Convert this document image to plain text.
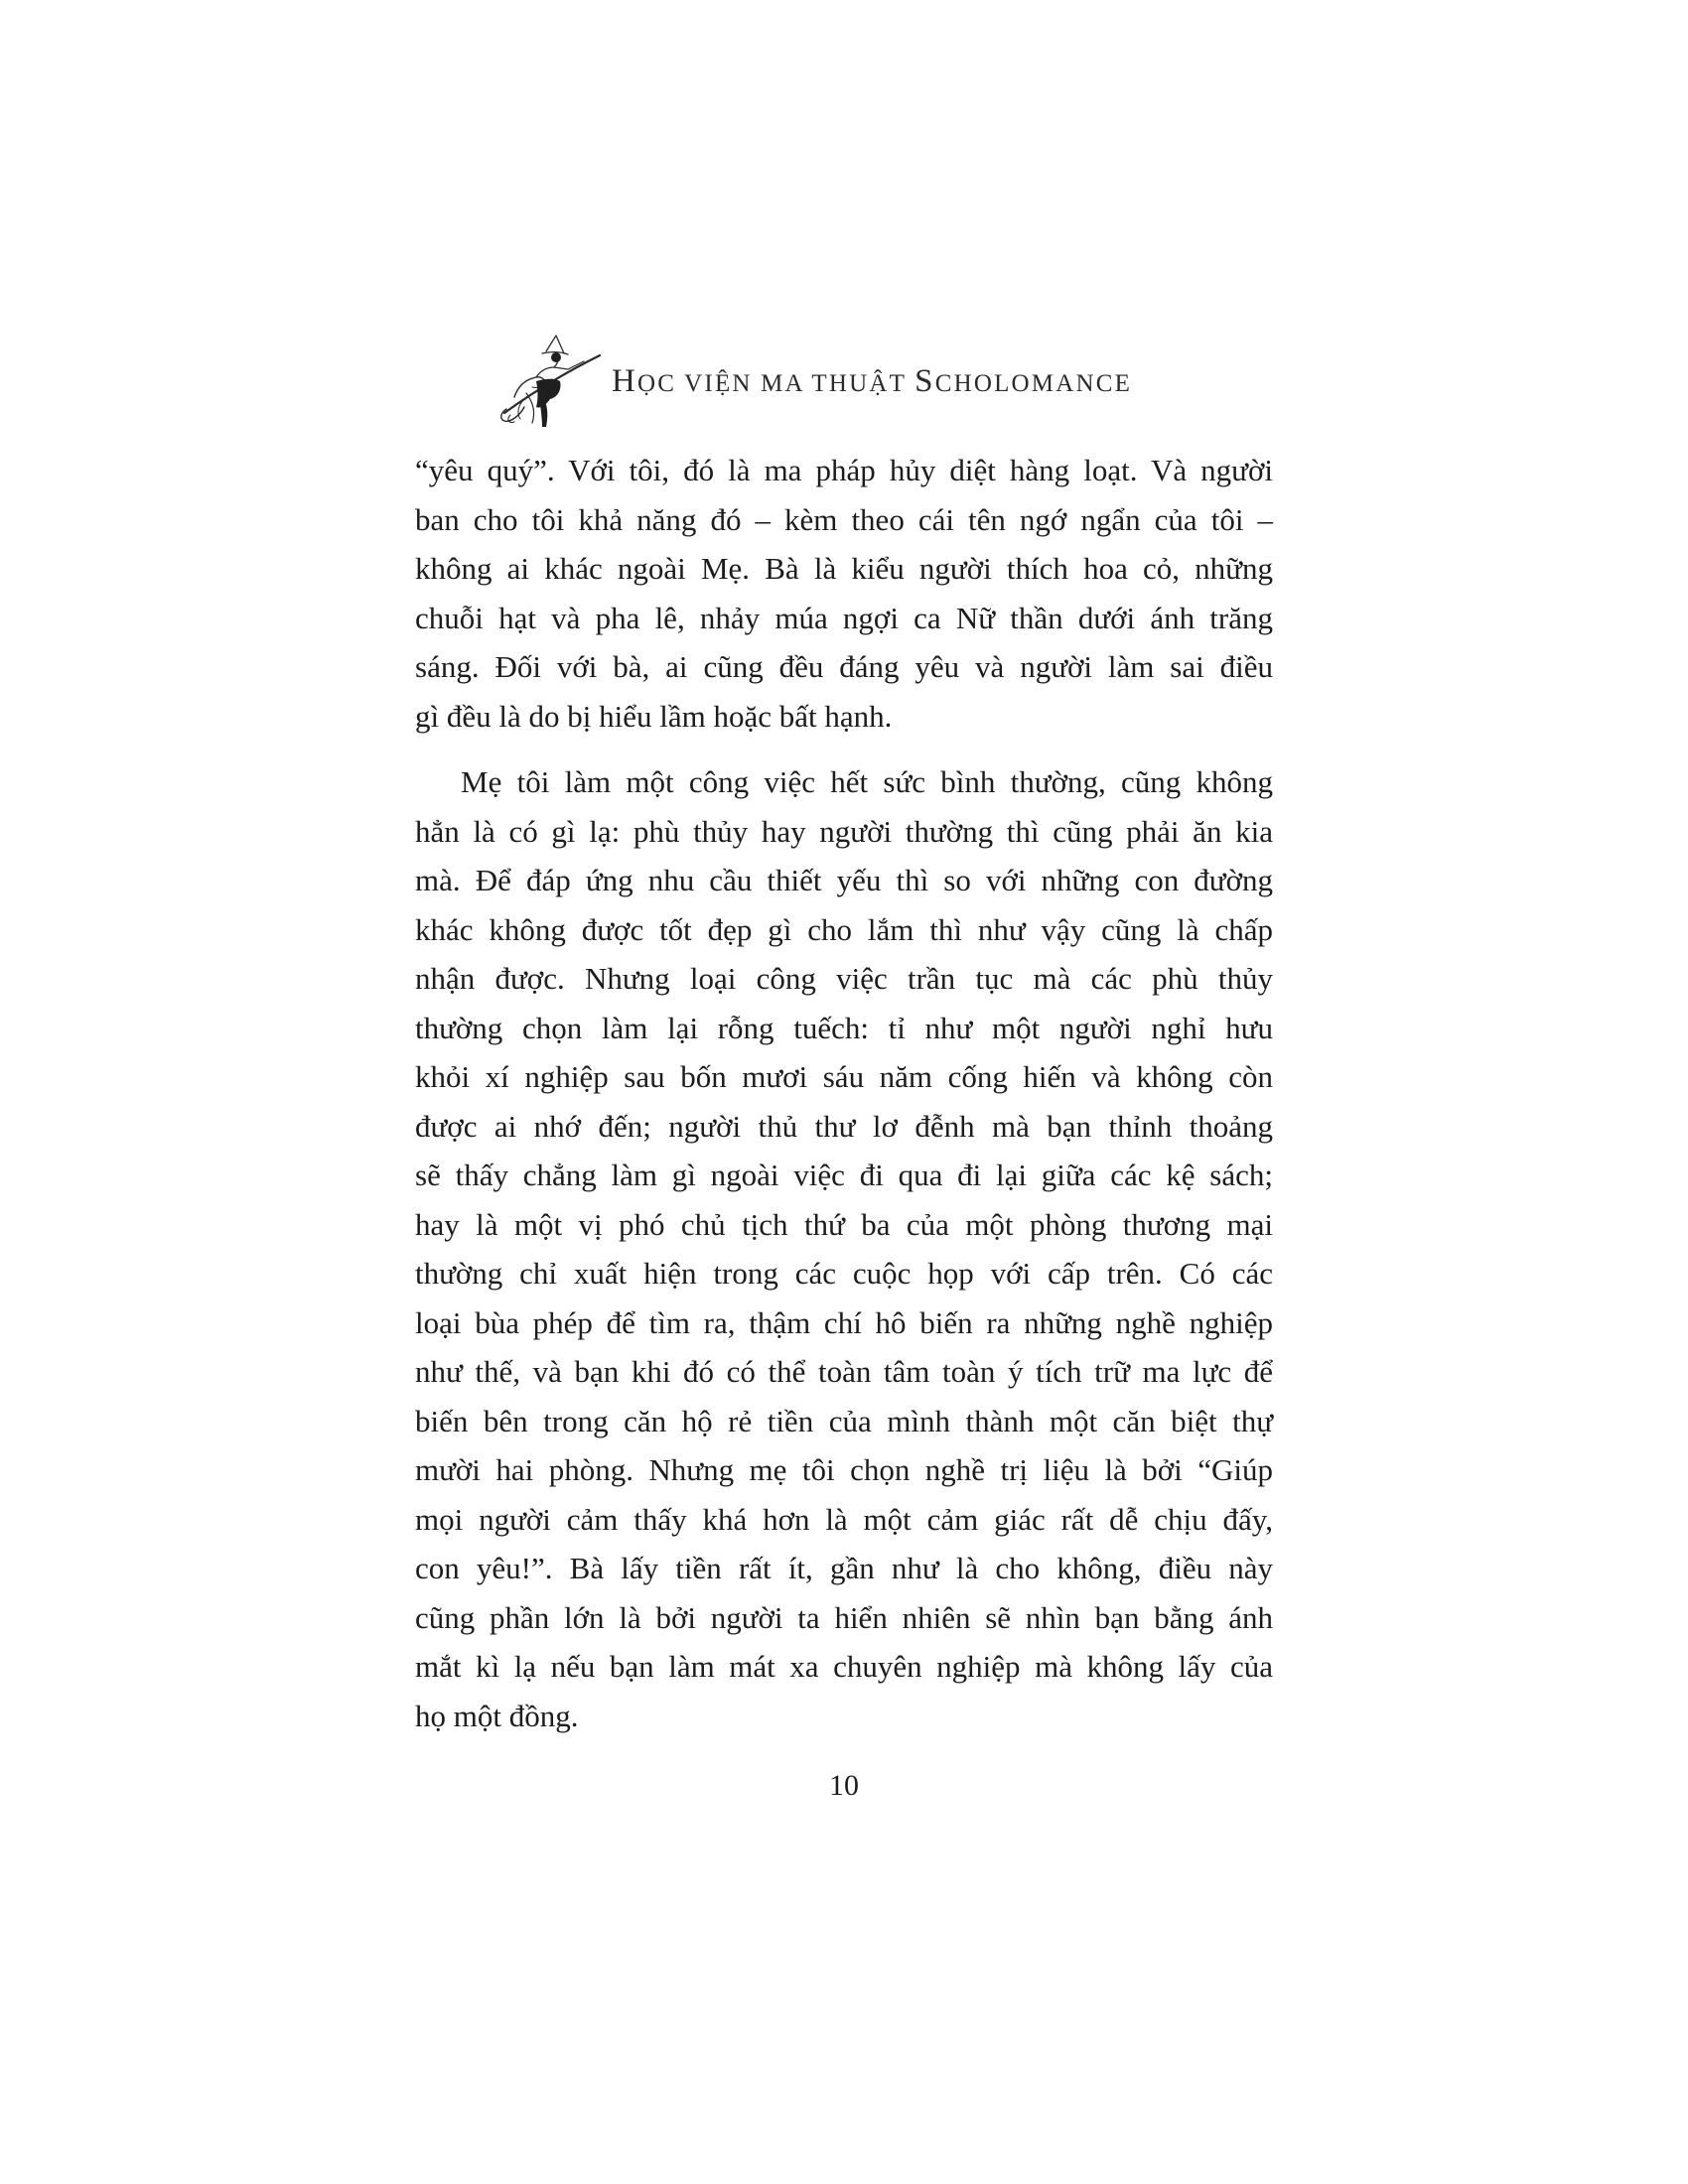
HỌC VIỆN MA THUẬT SCHOLOMANCE
“yêu quý”. Với tôi, đó là ma pháp hủy diệt hàng loạt. Và người
ban cho tôi khả năng đó – kèm theo cái tên ngớ ngẩn của tôi –
không ai khác ngoài Mẹ. Bà là kiểu người thích hoa cỏ, những
chuỗi hạt và pha lê, nhảy múa ngợi ca Nữ thần dưới ánh trăng
sáng. Đối với bà, ai cũng đều đáng yêu và người làm sai điều
gì đều là do bị hiểu lầm hoặc bất hạnh.
Mẹ tôi làm một công việc hết sức bình thường, cũng không
hẳn là có gì lạ: phù thủy hay người thường thì cũng phải ăn kia
mà. Để đáp ứng nhu cầu thiết yếu thì so với những con đường
khác không được tốt đẹp gì cho lắm thì như vậy cũng là chấp
nhận được. Nhưng loại công việc trần tục mà các phù thủy
thường chọn làm lại rỗng tuếch: tỉ như một người nghỉ hưu
khỏi xí nghiệp sau bốn mươi sáu năm cống hiến và không còn
được ai nhớ đến; người thủ thư lơ đễnh mà bạn thỉnh thoảng
sẽ thấy chẳng làm gì ngoài việc đi qua đi lại giữa các kệ sách;
hay là một vị phó chủ tịch thứ ba của một phòng thương mại
thường chỉ xuất hiện trong các cuộc họp với cấp trên. Có các
loại bùa phép để tìm ra, thậm chí hô biến ra những nghề nghiệp
như thế, và bạn khi đó có thể toàn tâm toàn ý tích trữ ma lực để
biến bên trong căn hộ rẻ tiền của mình thành một căn biệt thự
mười hai phòng. Nhưng mẹ tôi chọn nghề trị liệu là bởi “Giúp
mọi người cảm thấy khá hơn là một cảm giác rất dễ chịu đấy,
con yêu!”. Bà lấy tiền rất ít, gần như là cho không, điều này
cũng phần lớn là bởi người ta hiển nhiên sẽ nhìn bạn bằng ánh
mắt kì lạ nếu bạn làm mát xa chuyên nghiệp mà không lấy của
họ một đồng.
10
